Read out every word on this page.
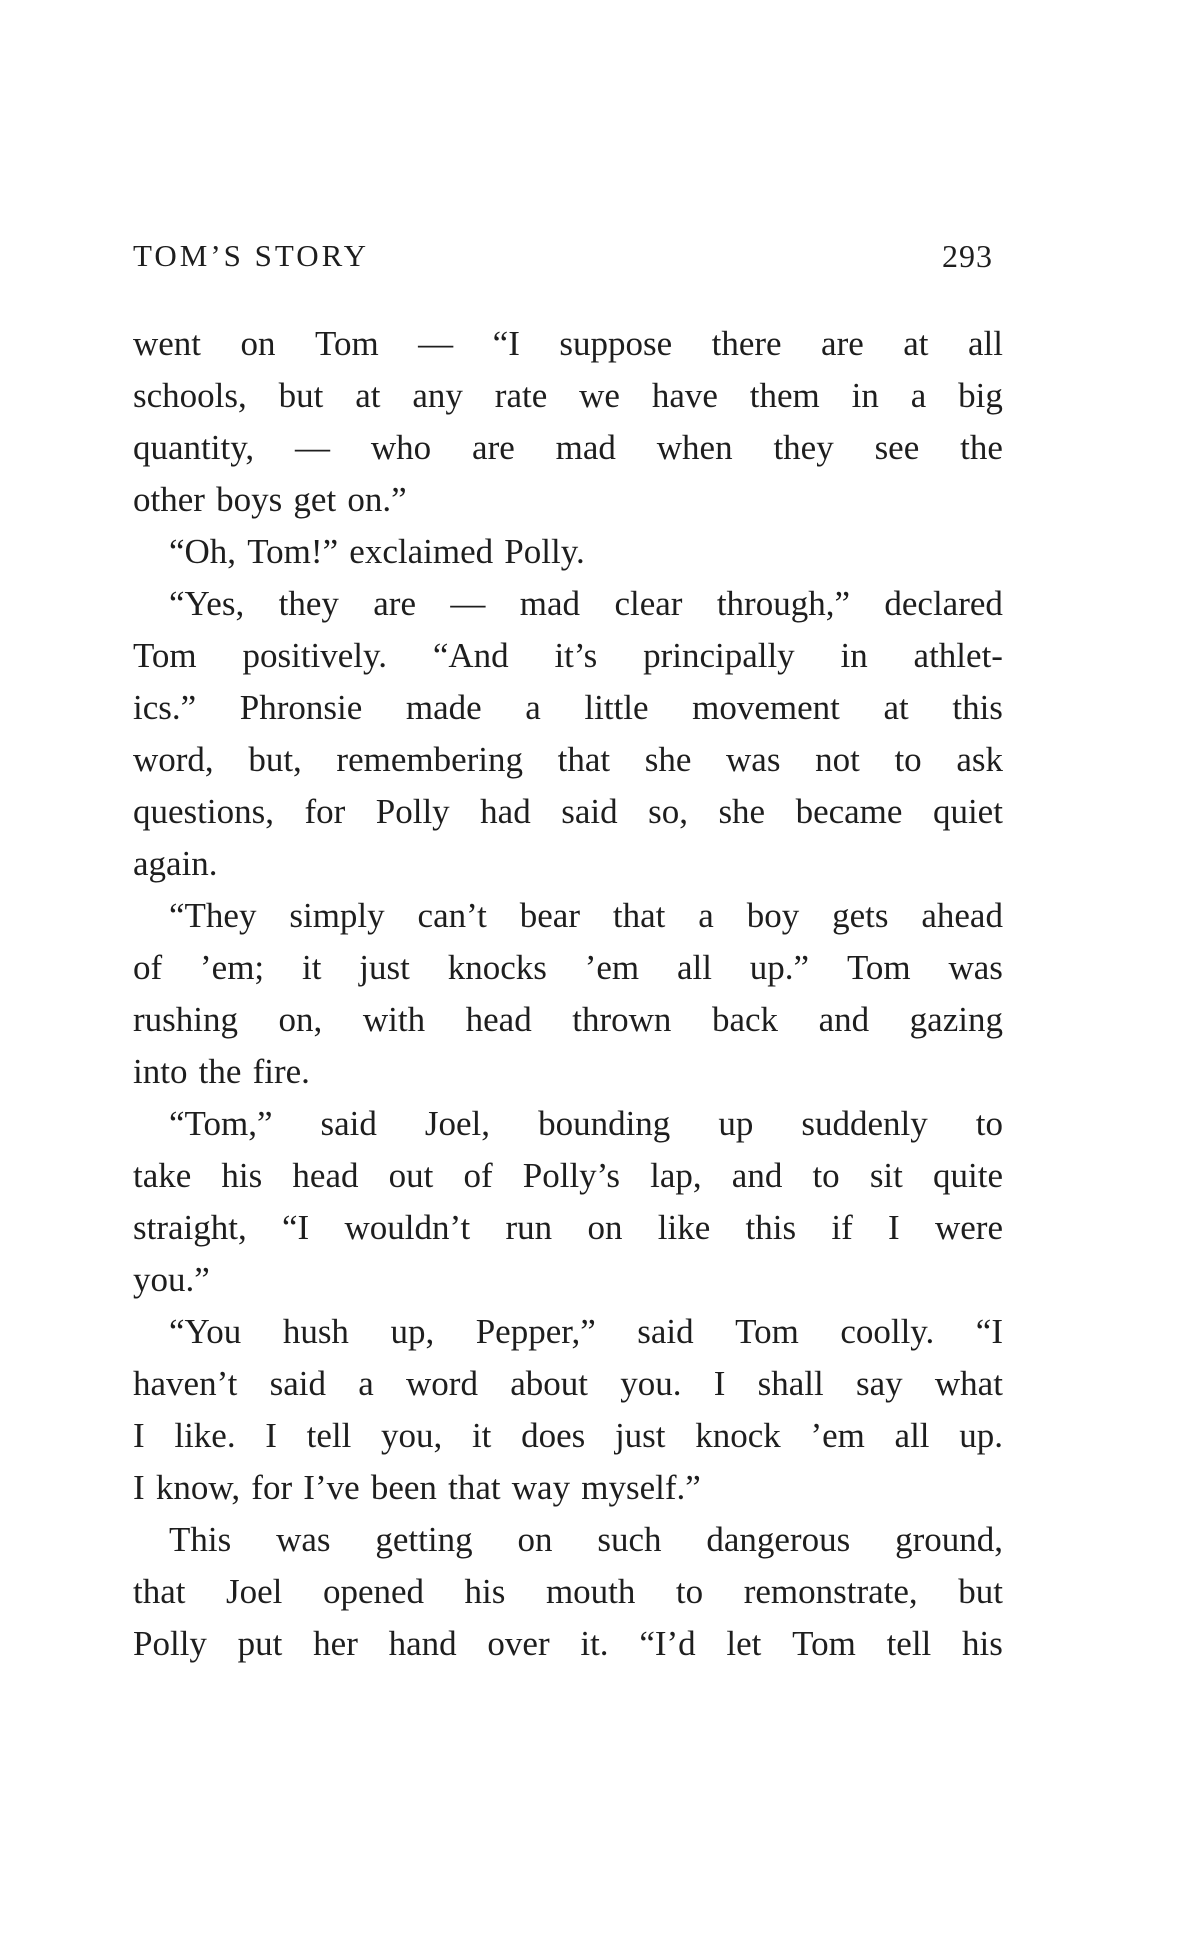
TOM’S STORY	293
went on Tom — “I suppose there are at all
schools, but at any rate we have them in a big
quantity, — who are mad when they see the
other boys get on.”
“Oh, Tom!” exclaimed Polly.
“Yes, they are — mad clear through,” declared
Tom positively. “And it’s principally in athlet-
ics.” Phronsie made a little movement at this
word, but, remembering that she was not to ask
questions, for Polly had said so, she became quiet
again.
“They simply can’t bear that a boy gets ahead
of ’em; it just knocks ’em all up.” Tom was
rushing on, with head thrown back and gazing
into the fire.
“Tom,” said Joel, bounding up suddenly to
take his head out of Polly’s lap, and to sit quite
straight, “I wouldn’t run on like this if I were
you.”
“You hush up, Pepper,” said Tom coolly. “I
haven’t said a word about you. I shall say what
I like. I tell you, it does just knock ’em all up.
I know, for I’ve been that way myself.”
This was getting on such dangerous ground,
that Joel opened his mouth to remonstrate, but
Polly put her hand over it. “I’d let Tom tell his
